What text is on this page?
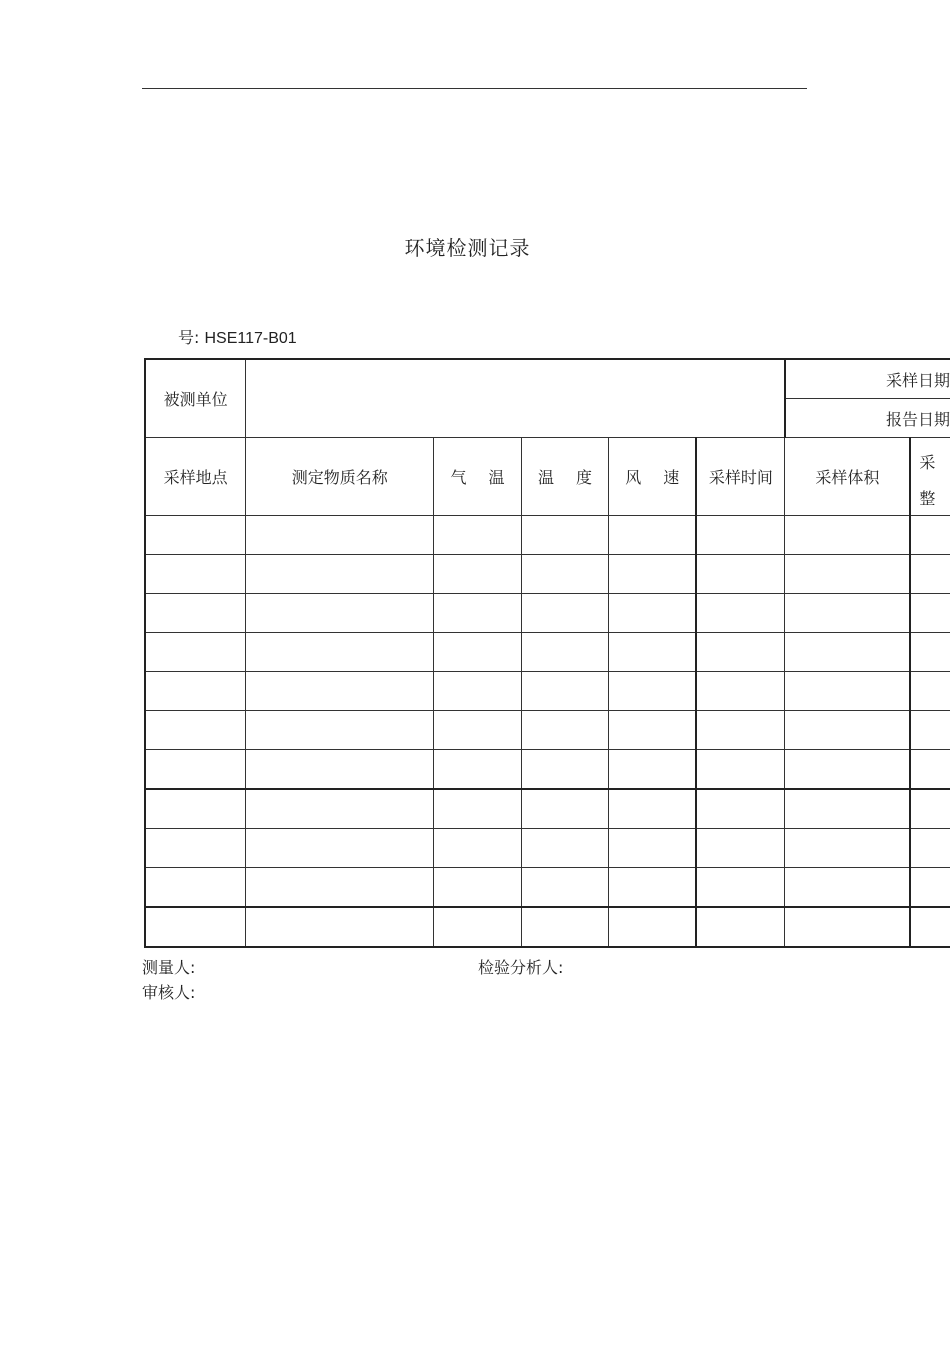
环境检测记录
号: HSE117-B01
被测单位						采样日期	
						报告日期	
采样地点	测定物质名称	气 温	温 度	风 速	采样时间	采样体积	采
整

测量人:	检验分析人:
审核人:
